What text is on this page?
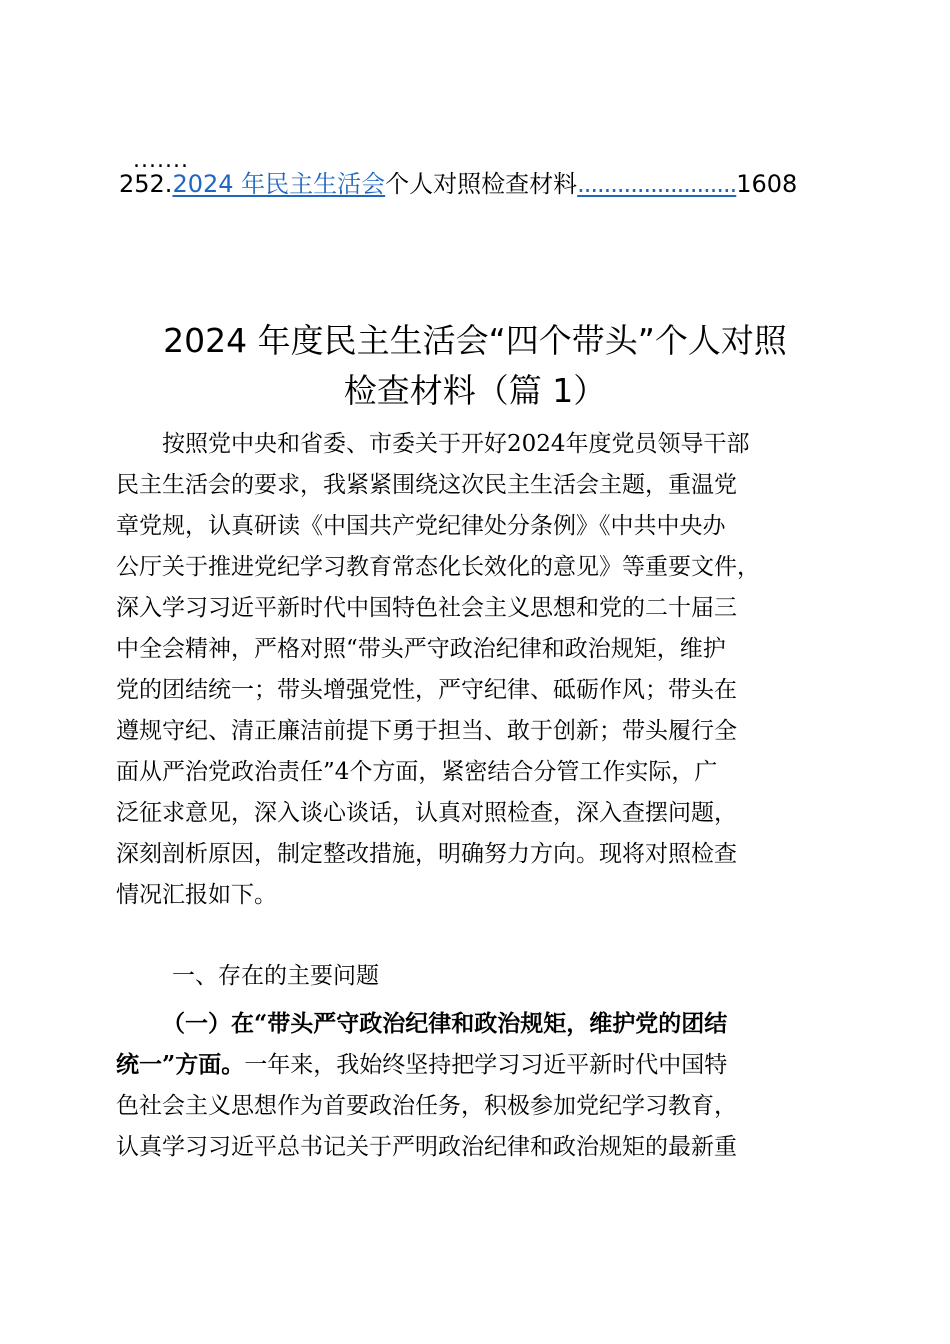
.......
252.2024 年民主生活会个人对照检查材料........................1608
2024 年度民主生活会“四个带头”个人对照
检查材料（篇 1）
按照党中央和省委、市委关于开好2024年度党员领导干部
民主生活会的要求，我紧紧围绕这次民主生活会主题，重温党
章党规，认真研读《中国共产党纪律处分条例》《中共中央办
公厅关于推进党纪学习教育常态化长效化的意见》等重要文件，
深入学习习近平新时代中国特色社会主义思想和党的二十届三
中全会精神，严格对照“带头严守政治纪律和政治规矩，维护
党的团结统一；带头增强党性，严守纪律、砥砺作风；带头在
遵规守纪、清正廉洁前提下勇于担当、敢于创新；带头履行全
面从严治党政治责任”4个方面，紧密结合分管工作实际，广
泛征求意见，深入谈心谈话，认真对照检查，深入查摆问题，
深刻剖析原因，制定整改措施，明确努力方向。现将对照检查
情况汇报如下。
一、存在的主要问题
（一）在“带头严守政治纪律和政治规矩，维护党的团结
统一”方面。一年来，我始终坚持把学习习近平新时代中国特
色社会主义思想作为首要政治任务，积极参加党纪学习教育，
认真学习习近平总书记关于严明政治纪律和政治规矩的最新重
